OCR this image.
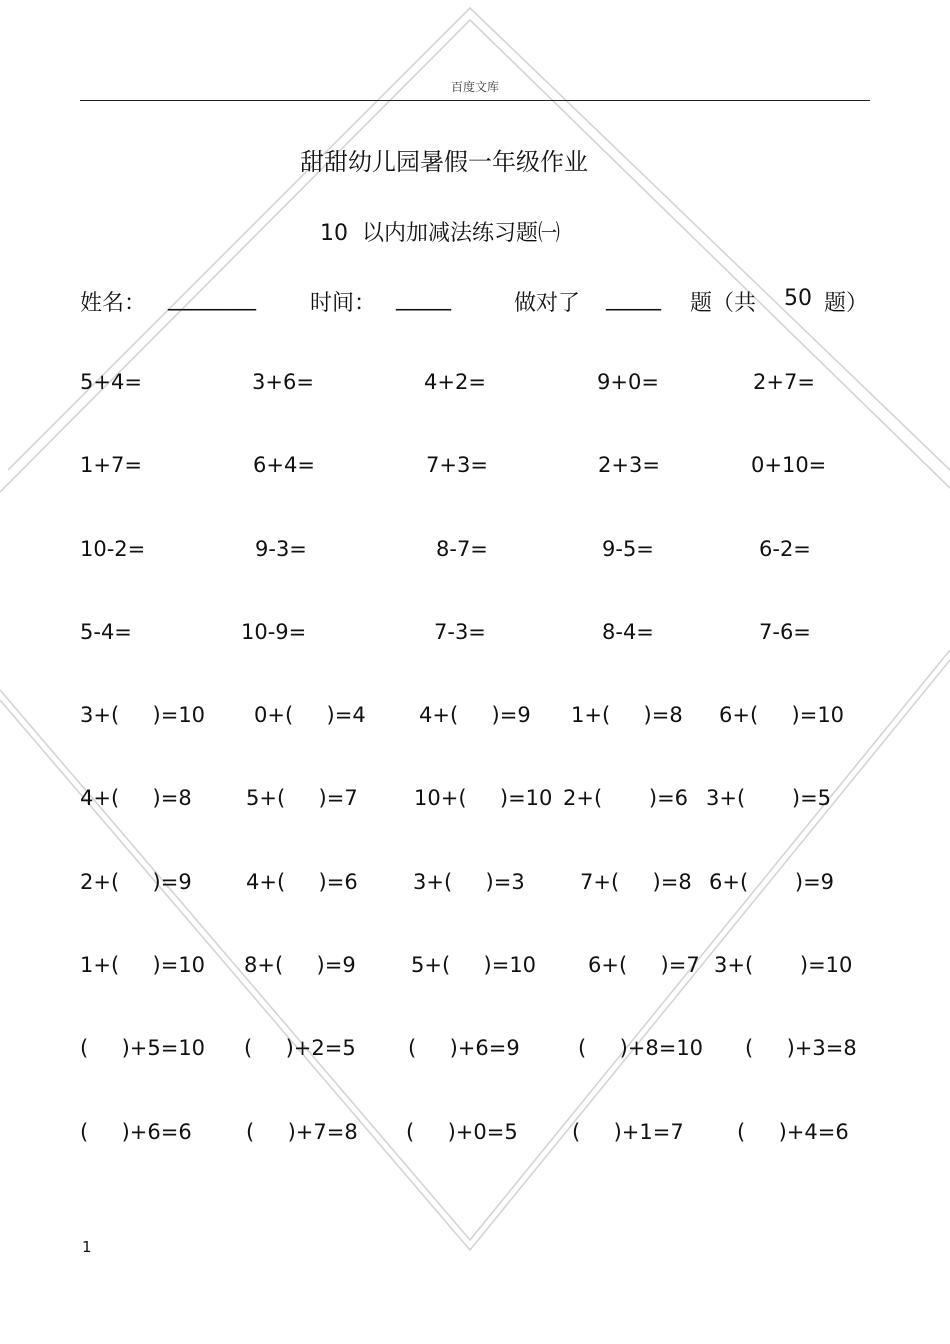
百度文库
甜甜幼儿园暑假一年级作业
10 以内加减法练习题㈠
姓名： ________ 时间： _____	做对了 _____ 题（共 50 题）
5+4=	3+6=	4+2=	9+0=	2+7=
1+7=	6+4=	7+3=	2+3=	0+10=
10-2=	9-3=	8-7=	9-5=	6-2=
5-4=	10-9=	7-3=	8-4=	7-6=
3+(     )=10 0+(     )=4	4+(     )=9 1+(     )=8 6+(     )=10
4+(     )=8	5+(     )=7	10+(     )=10 2+(       )=6 3+(       )=5
2+(     )=9	4+(     )=6	3+(     )=3	7+(     )=8 6+(       )=9
1+(     )=10 8+(     )=9	5+(     )=10 6+(     )=7 3+(       )=10
(     )+5=10 (     )+2=5 (     )+6=9	(     )+8=10 (     )+3=8
(     )+6=6	(     )+7=8 (     )+0=5	(     )+1=7	(     )+4=6
1
